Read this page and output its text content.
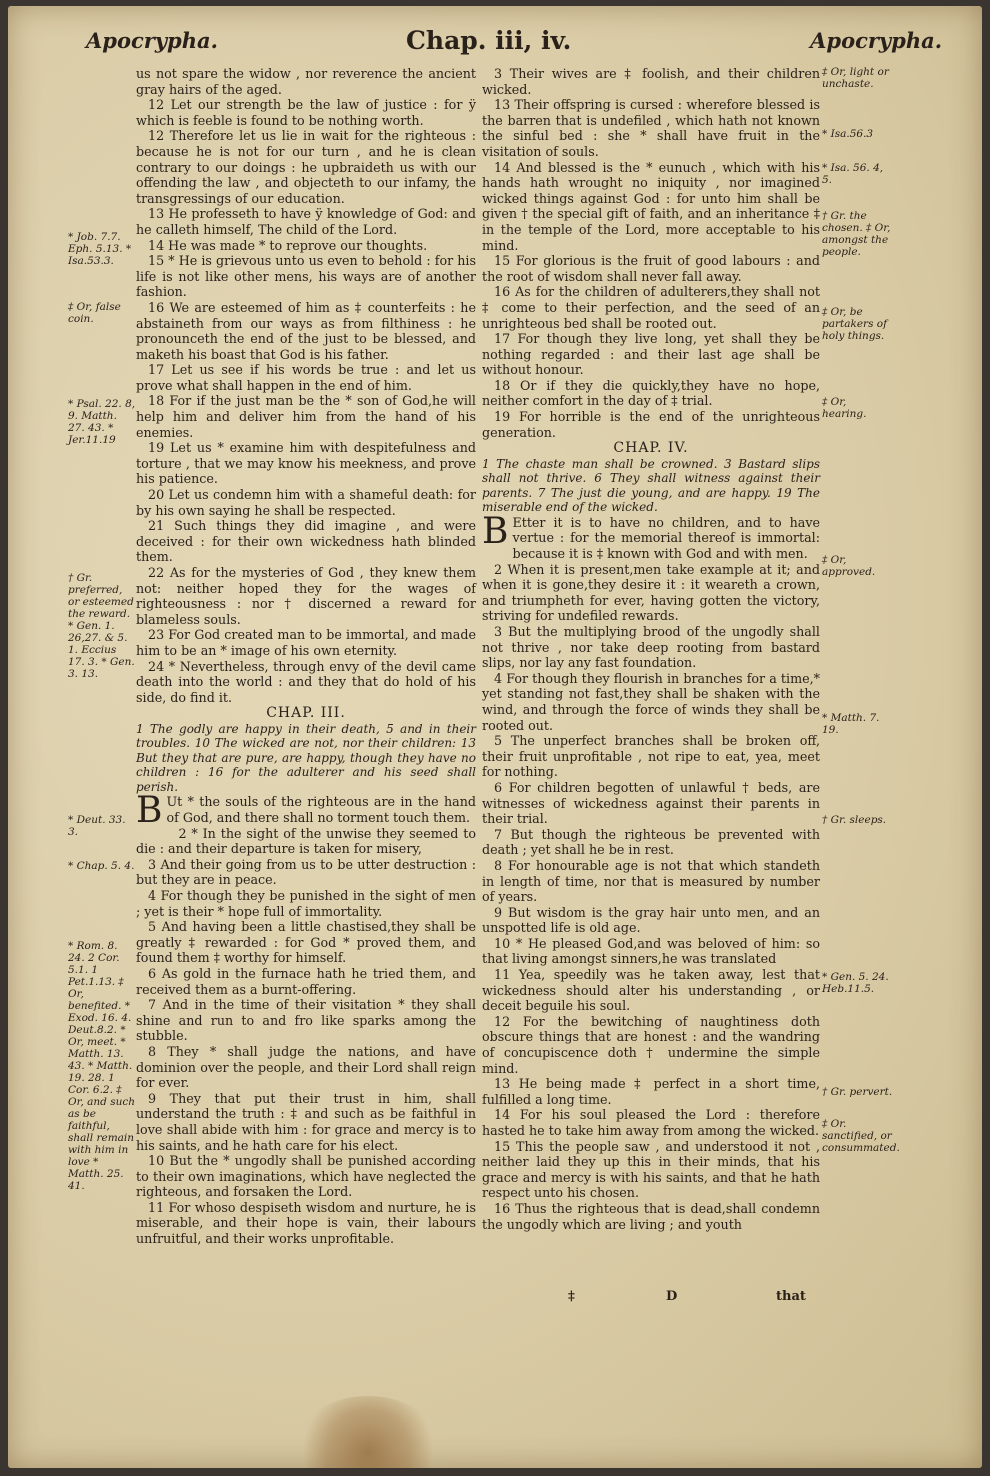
Apocrypha.	Chap. iii, iv.	Apocrypha.

us not spare the widow , nor reverence the ancient gray hairs of the aged.

12 Let our strength be the law of justice : for ÿ which is feeble is found to be nothing worth.

12 Therefore let us lie in wait for the righteous : because he is not for our turn , and he is clean contrary to our doings : he upbraideth us with our offending the law , and objecteth to our infamy, the transgressings of our education.

13 He professeth to have ÿ knowledge of God: and he calleth himself, The child of the Lord.

14 He was made * to reprove our thoughts.

15 * He is grievous unto us even to behold : for his life is not like other mens, his ways are of another fashion.

16 We are esteemed of him as ‡ counterfeits : he abstaineth from our ways as from filthiness : he pronounceth the end of the just to be blessed, and maketh his boast that God is his father.

17 Let us see if his words be true : and let us prove what shall happen in the end of him.

18 For if the just man be the * son of God,he will help him and deliver him from the hand of his enemies.

19 Let us * examine him with despitefulness and torture , that we may know his meekness, and prove his patience.

20 Let us condemn him with a shameful death: for by his own saying he shall be respected.

21 Such things they did imagine , and were deceived : for their own wickedness hath blinded them.

22 As for the mysteries of God , they knew them not: neither hoped they for the wages of righteousness : nor † discerned a reward for blameless souls.

23 For God created man to be immortal, and made him to be an * image of his own eternity.

24 * Nevertheless, through envy of the devil came death into the world : and they that do hold of his side, do find it.

CHAP. III.

1 The godly are happy in their death, 5 and in their troubles. 10 The wicked are not, nor their children: 13 But they that are pure, are happy, though they have no children : 16 for the adulterer and his seed shall perish.

B Ut * the souls of the righteous are in the hand of God, and there shall no torment touch them.

2 * In the sight of the unwise they seemed to die : and their departure is taken for misery,

3 And their going from us to be utter destruction : but they are in peace.

4 For though they be punished in the sight of men ; yet is their * hope full of immortality.

5 And having been a little chastised,they shall be greatly ‡ rewarded : for God * proved them, and found them ‡ worthy for himself.

6 As gold in the furnace hath he tried them, and received them as a burnt-offering.

7 And in the time of their visitation * they shall shine and run to and fro like sparks among the stubble.

8 They * shall judge the nations, and have dominion over the people, and their Lord shall reign for ever.

9 They that put their trust in him, shall understand the truth : ‡ and such as be faithful in love shall abide with him : for grace and mercy is to his saints, and he hath care for his elect.

10 But the * ungodly shall be punished according to their own imaginations, which have neglected the righteous, and forsaken the Lord.

11 For whoso despiseth wisdom and nurture, he is miserable, and their hope is vain, their labours unfruitful, and their works unprofitable.

3 Their wives are ‡ foolish, and their children wicked.

13 Their offspring is cursed : wherefore blessed is the barren that is undefiled , which hath not known the sinful bed : she * shall have fruit in the visitation of souls.

14 And blessed is the * eunuch , which with his hands hath wrought no iniquity , nor imagined wicked things against God : for unto him shall be given † the special gift of faith, and an inheritance ‡ in the temple of the Lord, more acceptable to his mind.

15 For glorious is the fruit of good labours : and the root of wisdom shall never fall away.

16 As for the children of adulterers,they shall not ‡ come to their perfection, and the seed of an unrighteous bed shall be rooted out.

17 For though they live long, yet shall they be nothing regarded : and their last age shall be without honour.

18 Or if they die quickly,they have no hope, neither comfort in the day of ‡ trial.

19 For horrible is the end of the unrighteous generation.

CHAP. IV.

1 The chaste man shall be crowned. 3 Bastard slips shall not thrive. 6 They shall witness against their parents. 7 The just die young, and are happy. 19 The miserable end of the wicked.

B Etter it is to have no children, and to have vertue : for the memorial thereof is immortal: because it is ‡ known with God and with men.

2 When it is present,men take example at it; and when it is gone,they desire it : it weareth a crown, and triumpheth for ever, having gotten the victory, striving for undefiled rewards.

3 But the multiplying brood of the ungodly shall not thrive , nor take deep rooting from bastard slips, nor lay any fast foundation.

4 For though they flourish in branches for a time,* yet standing not fast,they shall be shaken with the wind, and through the force of winds they shall be rooted out.

5 The unperfect branches shall be broken off, their fruit unprofitable , not ripe to eat, yea, meet for nothing.

6 For children begotten of unlawful † beds, are witnesses of wickedness against their parents in their trial.

7 But though the righteous be prevented with death ; yet shall he be in rest.

8 For honourable age is not that which standeth in length of time, nor that is measured by number of years.

9 But wisdom is the gray hair unto men, and an unspotted life is old age.

10 * He pleased God,and was beloved of him: so that living amongst sinners,he was translated

11 Yea, speedily was he taken away, lest that wickedness should alter his understanding , or deceit beguile his soul.

12 For the bewitching of naughtiness doth obscure things that are honest : and the wandring of concupiscence doth † undermine the simple mind.

13 He being made ‡ perfect in a short time, fulfilled a long time.

14 For his soul pleased the Lord : therefore hasted he to take him away from among the wicked.

15 This the people saw , and understood it not , neither laid they up this in their minds, that his grace and mercy is with his saints, and that he hath respect unto his chosen.

16 Thus the righteous that is dead,shall condemn the ungodly which are living ; and youth

* Job. 7.7. Eph. 5.13. * Isa.53.3.
‡ Or, false coin.
* Psal. 22. 8, 9. Matth. 27. 43. * Jer.11.19
† Gr. preferred, or esteemed the reward. * Gen. 1. 26,27. & 5. 1. Eccius 17. 3. * Gen. 3. 13.
* Deut. 33. 3.
* Chap. 5. 4.
* Rom. 8. 24. 2 Cor. 5.1. 1 Pet.1.13. ‡ Or, benefited. * Exod. 16. 4. Deut.8.2. * Or, meet. * Matth. 13. 43. * Matth. 19. 28. 1 Cor. 6.2. ‡ Or, and such as be faithful, shall remain with him in love * Matth. 25. 41.
‡ Or, light or unchaste.
* Isa.56.3
* Isa. 56. 4, 5.
† Gr. the chosen. ‡ Or, amongst the people.
‡ Or, be partakers of holy things.
‡ Or, hearing.
‡ Or, approved.
* Matth. 7. 19.
† Gr. sleeps.
* Gen. 5. 24. Heb.11.5.
† Gr. pervert.
‡ Or. sanctified, or consummated.
‡	D	that
